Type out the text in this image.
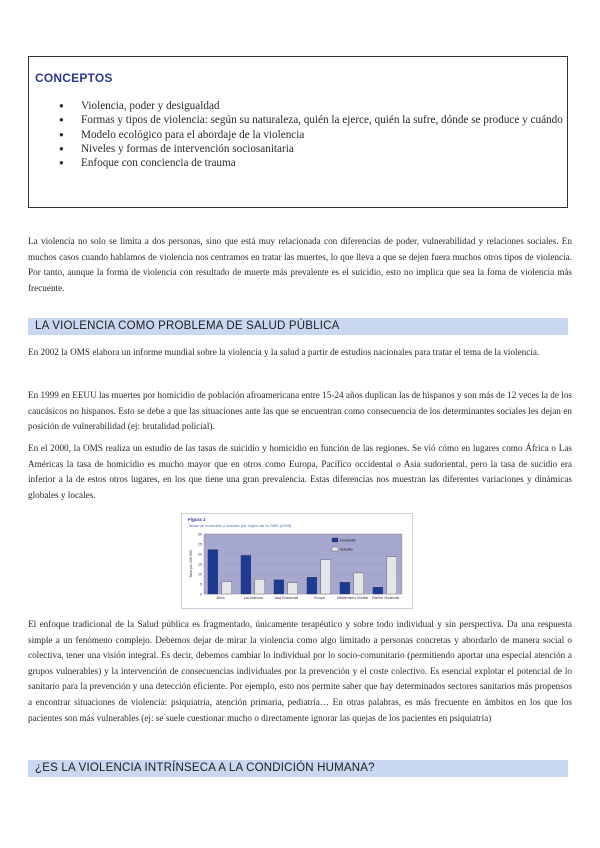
CONCEPTOS
● Violencia, poder y desigualdad
● Formas y tipos de violencia: según su naturaleza, quién la ejerce, quién la sufre, dónde se produce y cuándo
● Modelo ecológico para el abordaje de la violencia
● Niveles y formas de intervención sociosanitaria
● Enfoque con conciencia de trauma

La violencia no solo se limita a dos personas, sino que está muy relacionada con diferencias de poder, vulnerabilidad y relaciones sociales. En muchos casos cuando hablamos de violencia nos centramos en tratar las muertes, lo que lleva a que se dejen fuera muchos otros tipos de violencia. Por tanto, aunque la forma de violencia con resultado de muerte más prevalente es el suicidio, esto no implica que sea la foma de violencia más frecuente.

LA VIOLENCIA COMO PROBLEMA DE SALUD PÚBLICA

En 2002 la OMS elabora un informe mundial sobre la violencia y la salud a partir de estudios nacionales para tratar el tema de la violencia.

En 1999 en EEUU las muertes por homicidio de población afroamericana entre 15-24 años duplican las de hispanos y son más de 12 veces la de los caucásicos no hispanos. Esto se debe a que las situaciones ante las que se encuentran como consecuencia de los determinantes sociales les dejan en posición de vulnerabilidad (ej: brutalidad policial).

En el 2000, la OMS realiza un estudio de las tasas de suicidio y homicidio en función de las regiones. Se vió cómo en lugares como África o Las Américas la tasa de homicidio es mucho mayor que en otros como Europa, Pacífico occidental o Asia sudoriental, pero la tasa de sucidio era inferior a la de estos otros lugares, en los que tiene una gran prevalencia. Estas diferencias nos muestran las diferentes variaciones y dinámicas globales y locales.

Figura 1
Tasas de homicidio y suicidio por región de la OMS (2000)
0
5
10
15
20
25
30
Tasa por 100 000
África	Las Américas	Asia Sudoriental	Europa	Mediterráneo Oriental Pacífico Occidental
Homicidio
Suicidio

El enfoque tradicional de la Salud pública es fragmentado, únicamente terapéutico y sobre todo individual y sin perspectiva. Da una respuesta simple a un fenómeno complejo. Debemos dejar de mirar la violencia como algo limitado a personas concretas y abordarlo de manera social o colectiva, tener una visión integral. Es decir, debemos cambiar lo individual por lo socio-comunitario (permitiendo aportar una especial atención a grupos vulnerables) y la intervención de consecuencias individuales por la prevención y el coste colectivo. Es esencial explotar el potencial de lo sanitario para la prevención y una detección eficiente. Por ejemplo, esto nos permite saber que hay determinados sectores sanitarios más propensos a encontrar situaciones de violencia: psiquiatría, atención primaria, pediatría… En otras palabras, es más frecuente en ámbitos en los que los pacientes son más vulnerables (ej: se suele cuestionar mucho o directamente ignorar las quejas de los pacientes en psiquiatría)

¿ES LA VIOLENCIA INTRÍNSECA A LA CONDICIÓN HUMANA?
